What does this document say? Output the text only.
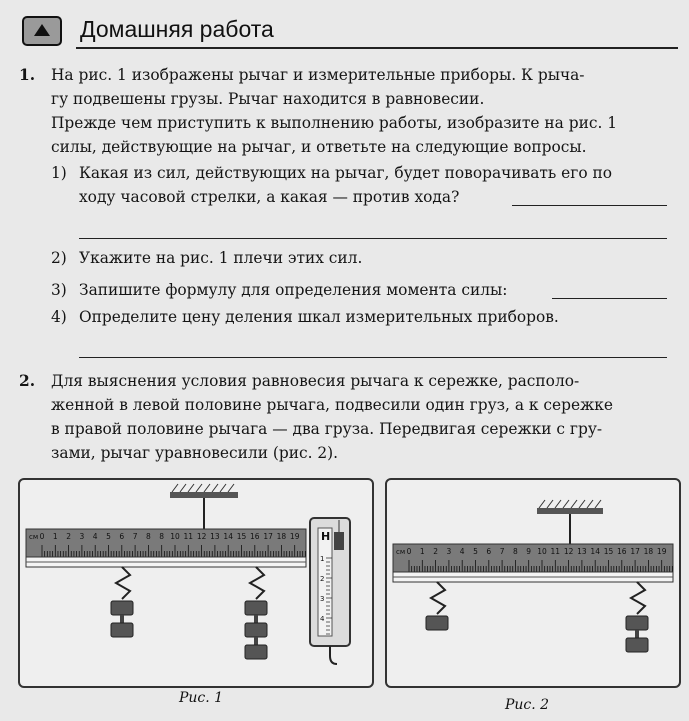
Домашняя работа
1. На рис. 1 изображены рычаг и измерительные приборы. К рыча-
гу подвешены грузы. Рычаг находится в равновесии.
Прежде чем приступить к выполнению работы, изобразите на рис. 1
силы, действующие на рычаг, и ответьте на следующие вопросы.
1) Какая из сил, действующих на рычаг, будет поворачивать его по
ходу часовой стрелки, а какая — против хода?
2) Укажите на рис. 1 плечи этих сил.
3) Запишите формулу для определения момента силы:
4) Определите цену деления шкал измерительных приборов.
2. Для выяснения условия равновесия рычага к сережке, располо-
женной в левой половине рычага, подвесили один груз, а к сережке
в правой половине рычага — два груза. Передвигая сережки с гру-
зами, рычаг уравновесили (рис. 2).
0 1 2 3 4 5 6 7 8 8 10 11 12 13 14 15 16 17 18 19
см	Н
1
2
3
4
Рис. 1
0 1 2 3 4 5 6 7 8 9 10 11 12 13 14 15 16 17 18 19
см
Рис. 2
